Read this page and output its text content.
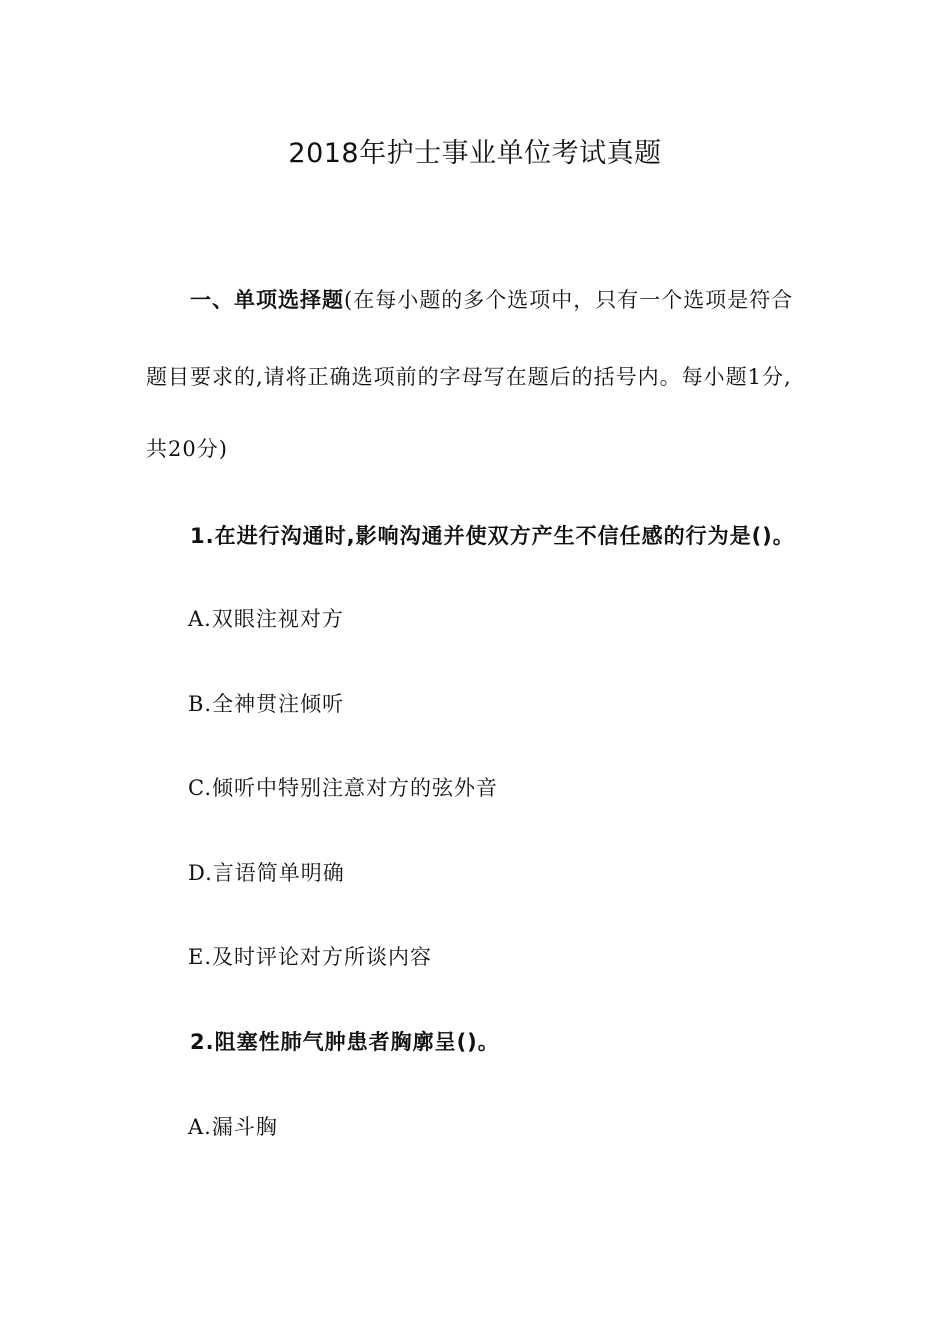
2018年护士事业单位考试真题
一、单项选择题(在每小题的多个选项中，只有一个选项是符合
题目要求的,请将正确选项前的字母写在题后的括号内。每小题1分,
共20分)
1.在进行沟通时,影响沟通并使双方产生不信任感的行为是()。
A.双眼注视对方
B.全神贯注倾听
C.倾听中特别注意对方的弦外音
D.言语简单明确
E.及时评论对方所谈内容
2.阻塞性肺气肿患者胸廓呈()。
A.漏斗胸
